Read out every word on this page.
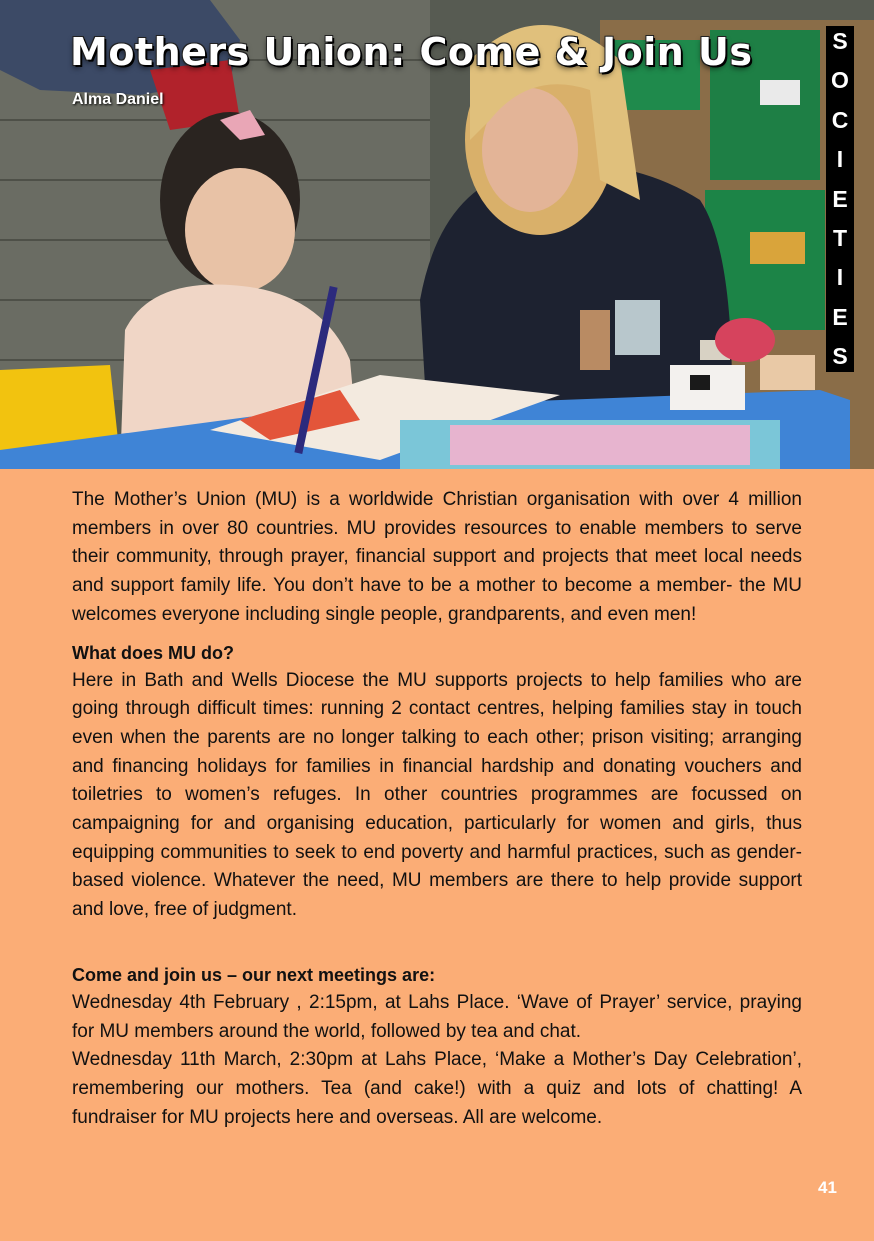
Mothers Union: Come & Join Us
Alma Daniel
S
O
C
I
E
T
I
E
S

The Mother’s Union (MU) is a worldwide Christian organisation with over 4 million members in over 80 countries. MU provides resources to enable members to serve their community, through prayer, financial support and projects that meet local needs and support family life. You don’t have to be a mother to become a member- the MU welcomes everyone including single people, grandparents, and even men!

What does MU do?

Here in Bath and Wells Diocese the MU supports projects to help families who are going through difficult times: running 2 contact centres, helping families stay in touch even when the parents are no longer talking to each other; prison visiting; arranging and financing holidays for families in financial hardship and donating vouchers and toiletries to women’s refuges. In other countries programmes are focussed on campaigning for and organising education, particularly for women and girls, thus equipping communities to seek to end poverty and harmful practices, such as gender-based violence. Whatever the need, MU members are there to help provide support and love, free of judgment.

Come and join us – our next meetings are:

Wednesday 4th February , 2:15pm, at Lahs Place. ‘Wave of Prayer’ service, praying for MU members around the world, followed by tea and chat.

Wednesday 11th March, 2:30pm at Lahs Place, ‘Make a Mother’s Day Celebration’, remembering our mothers. Tea (and cake!) with a quiz and lots of chatting! A fundraiser for MU projects here and overseas. All are welcome.

41
